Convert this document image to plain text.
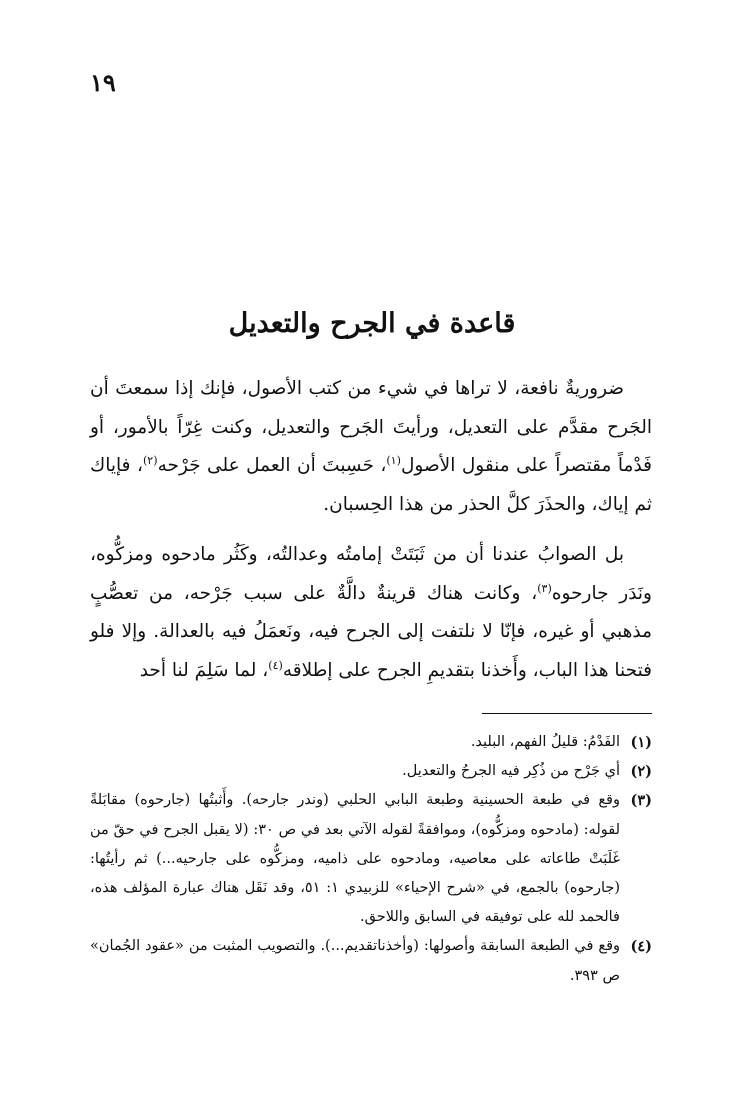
١٩
قاعدة في الجرح والتعديل

ضروريةٌ نافعة، لا تراها في شيء من كتب الأصول، فإنك إذا سمعتَ أن الجَرح مقدَّم على التعديل، ورأيتَ الجَرح والتعديل، وكنت غِرّاً بالأمور، أو فَدْماً مقتصراً على منقول الأصول$^{(١)}$، حَسِبتَ أن العمل على جَرْحه$^{(٢)}$، فإياك ثم إياك، والحذَرَ كلَّ الحذر من هذا الحِسبان.

بل الصوابُ عندنا أن من ثَبَتَتْ إمامتُه وعدالتُه، وكَثُر مادحوه ومزكُّوه، ونَدَر جارحوه$^{(٣)}$، وكانت هناك قرينةٌ دالَّةٌ على سبب جَرْحه، من تعصُّبٍ مذهبي أو غيره، فإنّا لا نلتفت إلى الجرح فيه، ونَعمَلُ فيه بالعدالة. وإلا فلو فتحنا هذا الباب، وأَخذنا بتقديمِ الجرح على إطلاقه$^{(٤)}$، لما سَلِمَ لنا أحد

(١)
الفَدْمُ: قليلُ الفهم، البليد.
(٢)
أي جَرْح من ذُكِر فيه الجرحُ والتعديل.
(٣)
وقع في طبعة الحسينية وطبعة البابي الحلبي (وندر جارحه). وأَثبتُها (جارحوه) مقابَلةً لقوله: (مادحوه ومزكُّوه)، وموافقةً لقوله الآتي بعد في ص ٣٠: (لا يقبل الجرح في حقّ من غَلَبَتْ طاعاته على معاصيه، ومادحوه على ذاميه، ومزكُّوه على جارحيه...) ثم رأيتُها: (جارحوه) بالجمع، في «شرح الإحياء» للزبيدي ١: ٥١، وقد نَقَل هناك عبارة المؤلف هذه، فالحمد لله على توفيقه في السابق واللاحق.
(٤)
وقع في الطبعة السابقة وأصولها: (وأخذناتقديم...). والتصويب المثبت من «عقود الجُمان» ص ٣٩٣.
